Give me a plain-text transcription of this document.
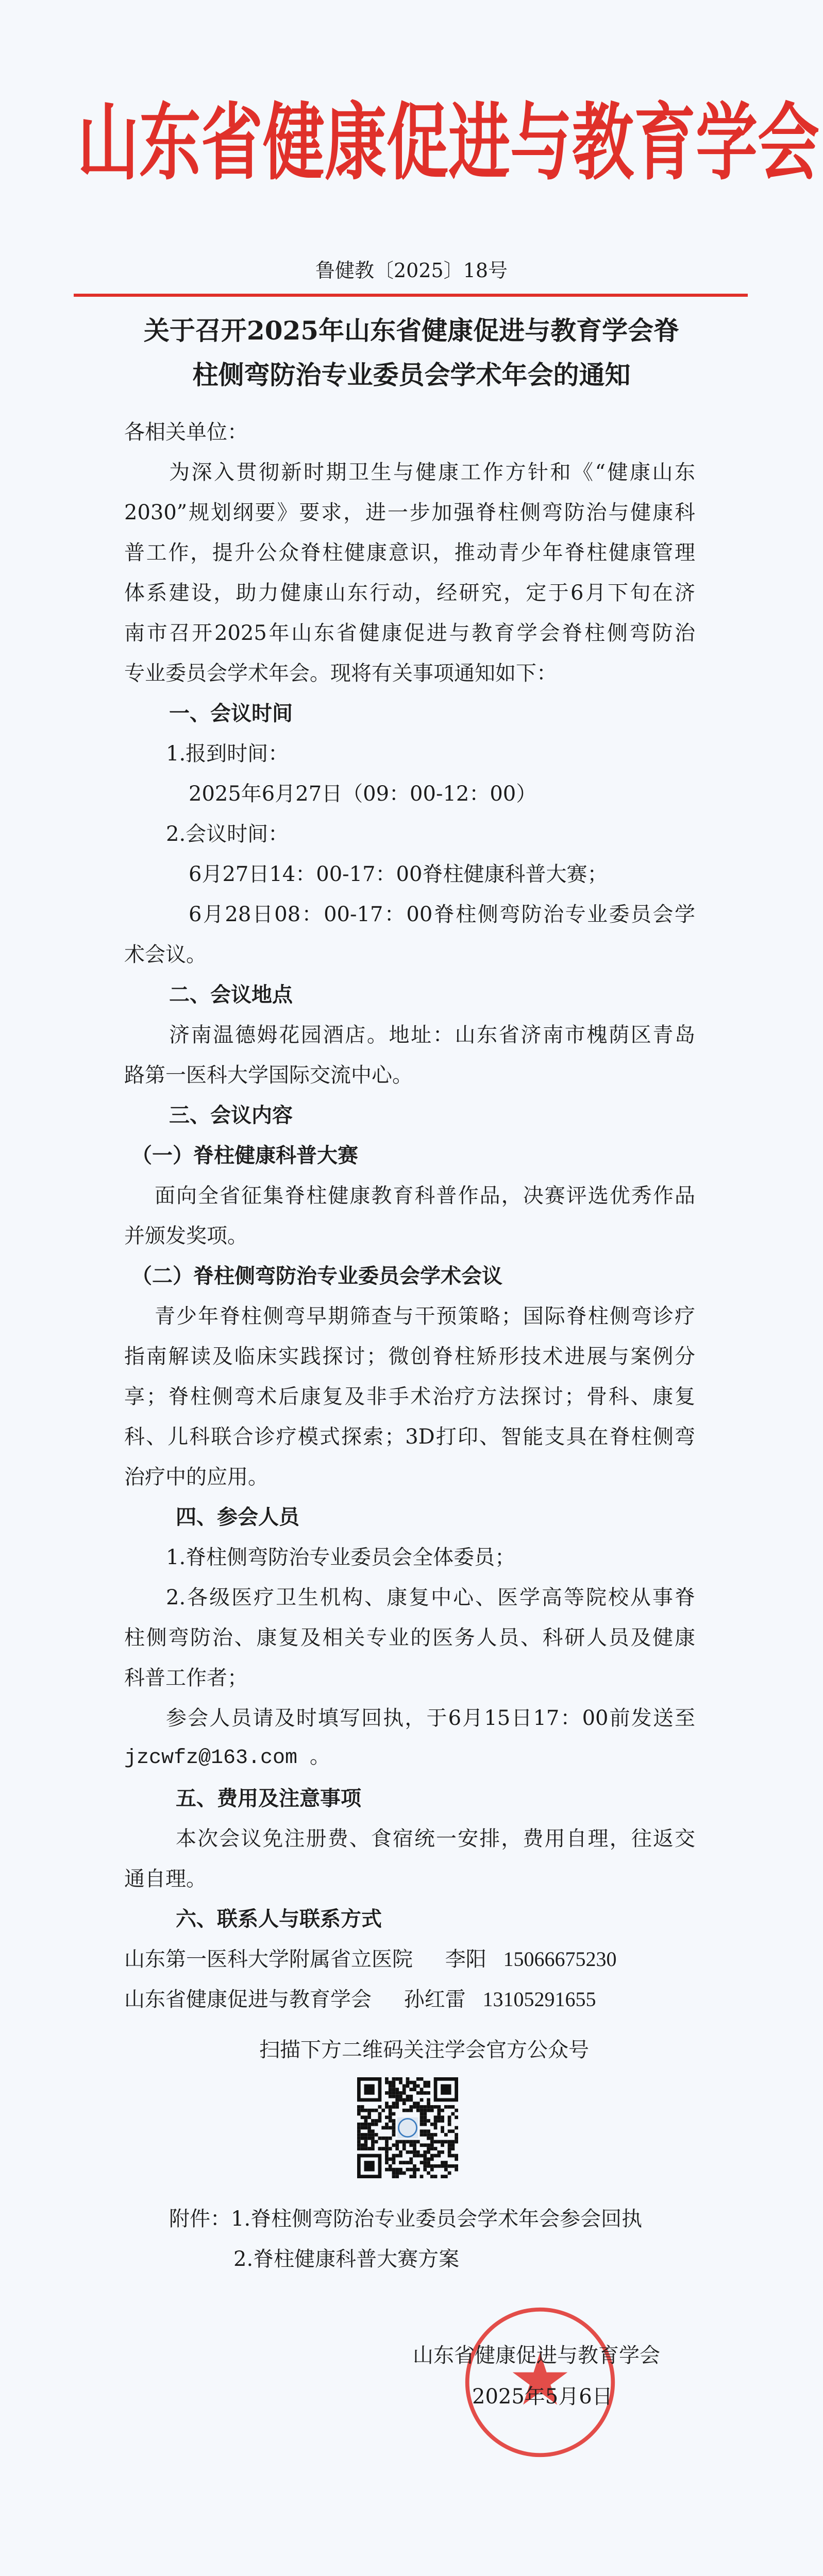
山东省健康促进与教育学会
鲁健教〔2025〕18号
关于召开2025年山东省健康促进与教育学会脊
柱侧弯防治专业委员会学术年会的通知
各相关单位：
为深入贯彻新时期卫生与健康工作方针和《“健康山东
2030”规划纲要》要求，进一步加强脊柱侧弯防治与健康科
普工作，提升公众脊柱健康意识，推动青少年脊柱健康管理
体系建设，助力健康山东行动，经研究，定于6月下旬在济
南市召开2025年山东省健康促进与教育学会脊柱侧弯防治
专业委员会学术年会。现将有关事项通知如下：
一、会议时间
1.报到时间：
2025年6月27日（09：00-12：00）
2.会议时间：
6月27日14：00-17：00脊柱健康科普大赛；
6月28日08：00-17：00脊柱侧弯防治专业委员会学
术会议。
二、会议地点
济南温德姆花园酒店。地址：山东省济南市槐荫区青岛
路第一医科大学国际交流中心。
三、会议内容
（一）脊柱健康科普大赛
面向全省征集脊柱健康教育科普作品，决赛评选优秀作品
并颁发奖项。
（二）脊柱侧弯防治专业委员会学术会议
青少年脊柱侧弯早期筛查与干预策略；国际脊柱侧弯诊疗
指南解读及临床实践探讨；微创脊柱矫形技术进展与案例分
享；脊柱侧弯术后康复及非手术治疗方法探讨；骨科、康复
科、儿科联合诊疗模式探索；3D打印、智能支具在脊柱侧弯
治疗中的应用。
四、参会人员
1.脊柱侧弯防治专业委员会全体委员；
2.各级医疗卫生机构、康复中心、医学高等院校从事脊
柱侧弯防治、康复及相关专业的医务人员、科研人员及健康
科普工作者；
参会人员请及时填写回执，于6月15日17：00前发送至
jzcwfz@163.com 。
五、费用及注意事项
本次会议免注册费、食宿统一安排，费用自理，往返交
通自理。
六、联系人与联系方式
山东第一医科大学附属省立医院 李阳 15066675230
山东省健康促进与教育学会 孙红雷 13105291655
扫描下方二维码关注学会官方公众号
附件：1.脊柱侧弯防治专业委员会学术年会参会回执
2.脊柱健康科普大赛方案
山东省健康促进与教育学会
2025年5月6日
